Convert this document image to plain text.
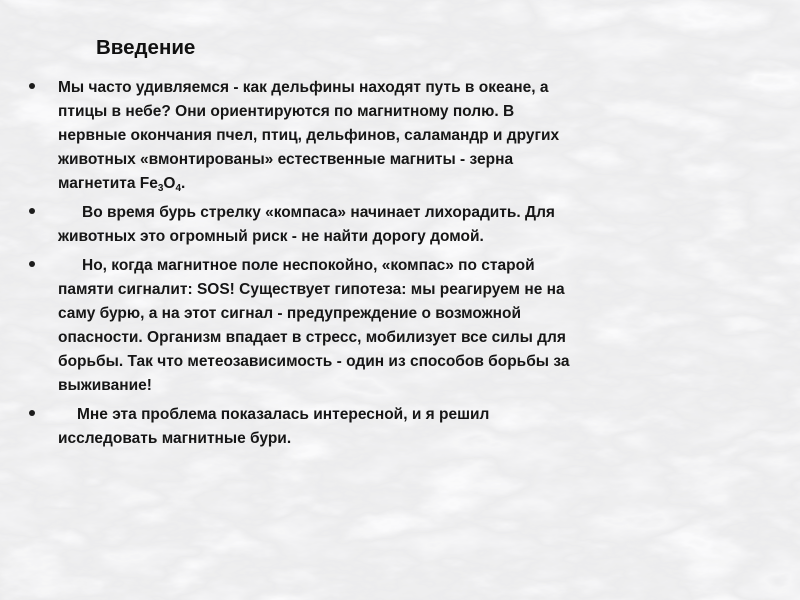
Введение
Мы часто удивляемся - как дельфины находят путь в океане, а птицы в небе? Они ориентируются по магнитному полю. В нервные окончания пчел, птиц, дельфинов, саламандр и других животных «вмонтированы» естественные магниты - зерна магнетита $Fe_3O_4$.
Во время бурь стрелку «компаса» начинает лихорадить. Для животных это огромный риск - не найти дорогу домой.
Но, когда магнитное поле неспокойно, «компас» по старой памяти сигналит: SOS! Существует гипотеза: мы реагируем не на саму бурю, а на этот сигнал - предупреждение о возможной опасности. Организм впадает в стресс, мобилизует все силы для борьбы. Так что метеозависимость - один из способов борьбы за выживание!
Мне эта проблема показалась интересной, и я решил исследовать магнитные бури.
